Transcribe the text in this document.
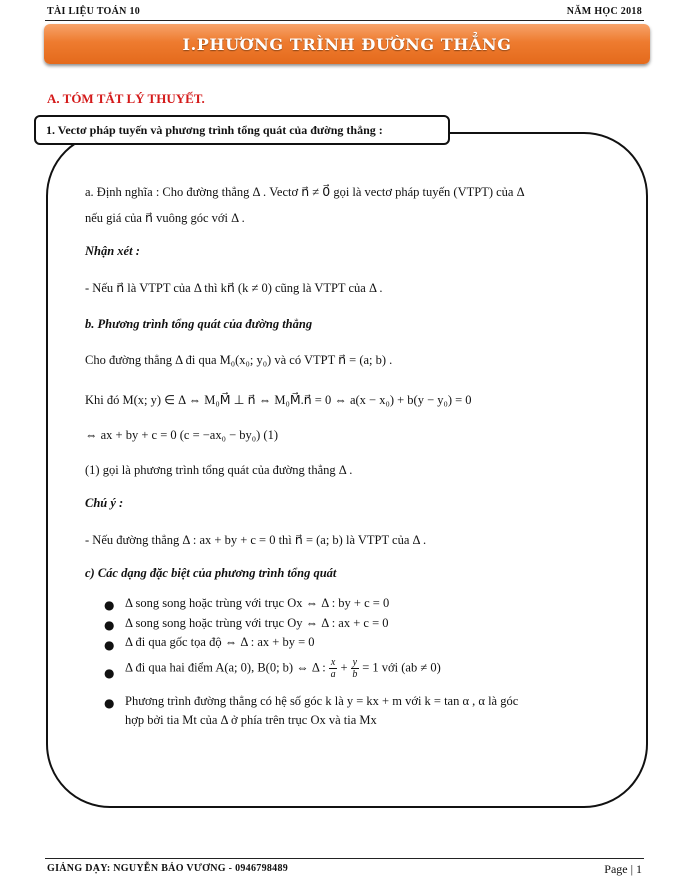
TÀI LIỆU TOÁN 10	NĂM HỌC 2018
I.PHƯƠNG TRÌNH ĐƯỜNG THẲNG
A. TÓM TẮT LÝ THUYẾT.
1. Vectơ pháp tuyến và phương trình tổng quát của đường thẳng :
a. Định nghĩa : Cho đường thẳng Δ . Vectơ n⃗ ≠ 0⃗ gọi là vectơ pháp tuyến (VTPT) của Δ
nếu giá của n⃗ vuông góc với Δ .
Nhận xét :
- Nếu n⃗ là VTPT của Δ thì kn⃗ (k ≠ 0) cũng là VTPT của Δ .
b. Phương trình tổng quát của đường thẳng
Cho đường thẳng Δ đi qua M₀(x₀; y₀) và có VTPT n⃗ = (a; b) .
Khi đó M(x; y) ∈ Δ ⇔ M₀M⃗ ⊥ n⃗ ⇔ M₀M⃗.n⃗ = 0 ⇔ a(x − x₀) + b(y − y₀) = 0
⇔ ax + by + c = 0 (c = −ax₀ − by₀) (1)
(1) gọi là phương trình tổng quát của đường thẳng Δ .
Chú ý :
- Nếu đường thẳng Δ : ax + by + c = 0 thì n⃗ = (a; b) là VTPT của Δ .
c) Các dạng đặc biệt của phương trình tổng quát
● Δ song song hoặc trùng với trục Ox ⇔ Δ : by + c = 0
● Δ song song hoặc trùng với trục Oy ⇔ Δ : ax + c = 0
● Δ đi qua gốc tọa độ ⇔ Δ : ax + by = 0
● Δ đi qua hai điểm A(a; 0), B(0; b) ⇔ Δ : $\frac{x}{a} + \frac{y}{b} = 1$ với (ab ≠ 0)
● Phương trình đường thẳng có hệ số góc k là y = kx + m với k = tan α , α là góc
hợp bởi tia Mt của Δ ở phía trên trục Ox và tia Mx
GIẢNG DẠY: NGUYỄN BẢO VƯƠNG - 0946798489	Page | 1
